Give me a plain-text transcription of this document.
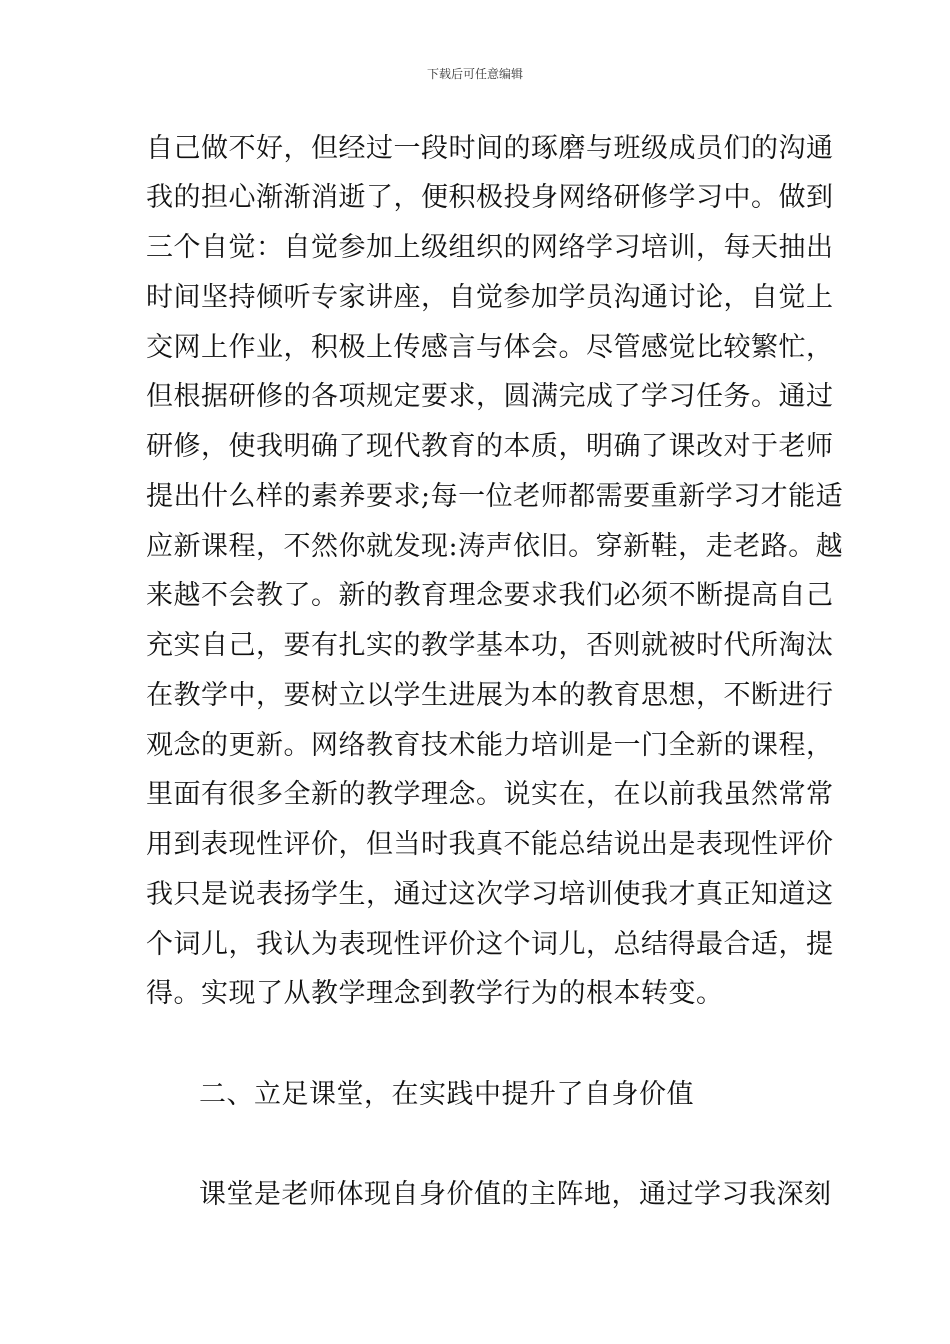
下载后可任意编辑
自己做不好，但经过一段时间的琢磨与班级成员们的沟通
我的担心渐渐消逝了，便积极投身网络研修学习中。做到
三个自觉：自觉参加上级组织的网络学习培训，每天抽出
时间坚持倾听专家讲座，自觉参加学员沟通讨论，自觉上
交网上作业，积极上传感言与体会。尽管感觉比较繁忙，
但根据研修的各项规定要求，圆满完成了学习任务。通过
研修，使我明确了现代教育的本质，明确了课改对于老师
提出什么样的素养要求;每一位老师都需要重新学习才能适
应新课程，不然你就发现:涛声依旧。穿新鞋，走老路。越
来越不会教了。新的教育理念要求我们必须不断提高自己
充实自己，要有扎实的教学基本功，否则就被时代所淘汰
在教学中，要树立以学生进展为本的教育思想，不断进行
观念的更新。网络教育技术能力培训是一门全新的课程，
里面有很多全新的教学理念。说实在，在以前我虽然常常
用到表现性评价，但当时我真不能总结说出是表现性评价
我只是说表扬学生，通过这次学习培训使我才真正知道这
个词儿，我认为表现性评价这个词儿，总结得最合适，提
得。实现了从教学理念到教学行为的根本转变。
二、立足课堂，在实践中提升了自身价值
课堂是老师体现自身价值的主阵地，通过学习我深刻
